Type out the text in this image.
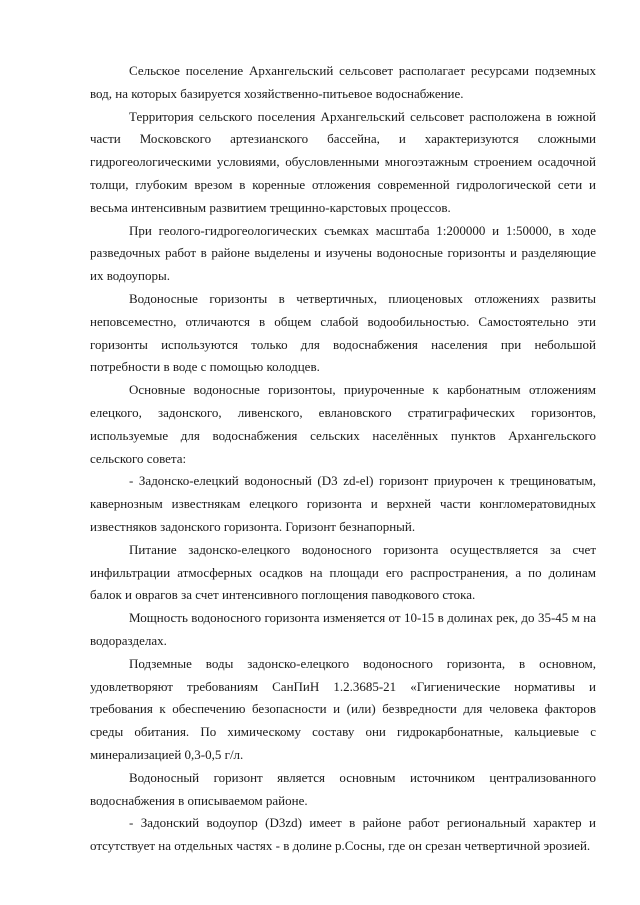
Сельское поселение Архангельский сельсовет располагает ресурсами подземных вод, на которых базируется хозяйственно-питьевое водоснабжение.

Территория сельского поселения Архангельский сельсовет расположена в южной части Московского артезианского бассейна, и характеризуются сложными гидрогеологическими условиями, обусловленными многоэтажным строением осадочной толщи, глубоким врезом в коренные отложения современной гидрологической сети и весьма интенсивным развитием трещинно-карстовых процессов.

При геолого-гидрогеологических съемках масштаба 1:200000 и 1:50000, в ходе разведочных работ в районе выделены и изучены водоносные горизонты и разделяющие их водоупоры.

Водоносные горизонты в четвертичных, плиоценовых отложениях развиты неповсеместно, отличаются в общем слабой водообильностью. Самостоятельно эти горизонты используются только для водоснабжения населения при небольшой потребности в воде с помощью колодцев.

Основные водоносные горизонтоы, приуроченные к карбонатным отложениям елецкого, задонского, ливенского, евлановского стратиграфических горизонтов, используемые для водоснабжения сельских населённых пунктов Архангельского сельского совета:

- Задонско-елецкий водоносный (D3 zd-el) горизонт приурочен к трещиноватым, кавернозным известнякам елецкого горизонта и верхней части конгломератовидных известняков задонского горизонта. Горизонт безнапорный.

Питание задонско-елецкого водоносного горизонта осуществляется за счет инфильтрации атмосферных осадков на площади его распространения, а по долинам балок и оврагов за счет интенсивного поглощения паводкового стока.

Мощность водоносного горизонта изменяется от 10-15 в долинах рек, до 35-45 м на водоразделах.

Подземные воды задонско-елецкого водоносного горизонта, в основном, удовлетворяют требованиям СанПиН 1.2.3685-21 «Гигиенические нормативы и требования к обеспечению безопасности и (или) безвредности для человека факторов среды обитания. По химическому составу они гидрокарбонатные, кальциевые с минерализацией 0,3-0,5 г/л.

Водоносный горизонт является основным источником централизованного водоснабжения в описываемом районе.

- Задонский водоупор (D3zd) имеет в районе работ региональный характер и отсутствует на отдельных частях - в долине р.Сосны, где он срезан четвертичной эрозией.
